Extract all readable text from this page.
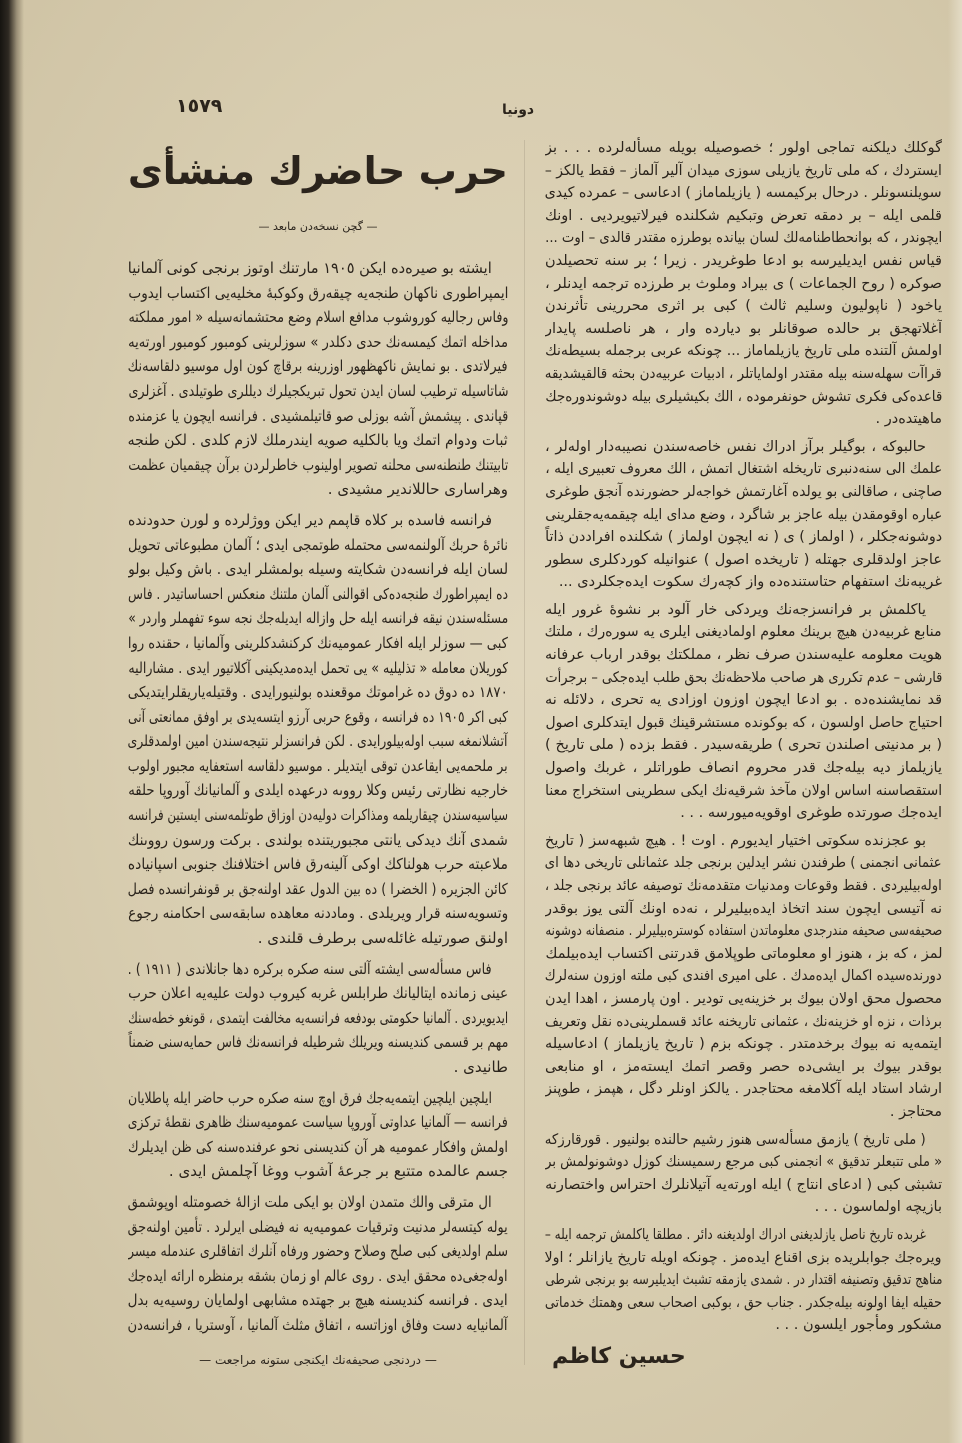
١٥٧٩	دونيا
حرب حاضرك منشأى
— گچن نسخه‌دن مابعد —
ايشته بو صيره‌ده ايكن ١٩٠٥ مارتنك اوتوز برنجى كونى آلمانيا
ايمپراطورى ناكهان طنجه‌يه چيقه‌رق وكوكبهٔ مخليه‌يى اكتساب ايدوب
وفاس رجاليه كوروشوب مدافع اسلام وضع محتشمانه‌سيله « امور مملكته
مداخله اتمك كيمسه‌نك حدى دكلدر » سوزلرينى كومبور كومبور اورته‌يه
فيرلاتدى . بو نمايش ناكهظهور اوزرينه برقاچ كون اول موسيو دلقاسه‌نك
شاتاسيله ترطيب لسان ايدن تحول تبريكجيلرك ديللرى طوتيلدى . آغزلرى
قپاندى . پيشمش آشه بوزلى صو قاتيلمشيدى . فرانسه ايچون يا عزمنده
ثبات ودوام اتمك ويا بالكليه صويه ايندرملك لازم كلدى . لكن طنجه
تابيتنك طنطنه‌سى محلنه تصوير اولينوب خاطرلردن برآن چيقميان عظمت
وهراسارى حاللاندير مشيدى .
فرانسه فاسده بر كلاه قاپمم دير ايكن ووژلرده و لورن حدودنده
نائرهٔ حربك آلولنمه‌سى محتمله طوتمجى ايدى ؛ آلمان مطبوعاتى تحويل
لسان ايله فرانسه‌دن شكايته وسيله بولمشلر ايدى . باش وكيل بولو
ده ايمپراطورك طنجه‌ده‌كى اقوالنى آلمان ملتنك منعكس احساساتيدر . فاس
مسئله‌سندن نيقه فرانسه ايله حل وازاله ايديله‌جك نجه سوء تفهملر واردر »
كبى — سوزلر ايله افكار عموميه‌نك كركنشدكلرينى وآلمانيا ، حقنده روا
كوريلان معامله « تذليليه » يى تحمل ايده‌مديكينى آكلاتيور ايدى . مشاراليه
١٨٧٠ ده دوق ده غراموتك موقعنده بولنيورايدى . وقتيله‌ياريقلرايتديكى
كبى اكر ١٩٠٥ ده فرانسه ، وقوع حربى آرزو ايتسه‌يدى بر اوفق ممانعتى آنى
آتشلانمغه سبب اوله‌بيلورايدى . لكن فرانسزلر نتيجه‌سندن امين اولمدقلرى
بر ملحمه‌يى ايقاعدن توقى ايتديلر . موسيو دلقاسه استعفايه مجبور اولوب
خارجيه نظارتى رئيس وكلا رووىه درعهده ايلدى و آلمانيانك آوروپا حلقه
سياسيه‌سندن چيقاريلمه ومذاكرات دوليه‌دن اوزاق طوتلمه‌سنى ايستين فرانسه
شمدى آنك ديدكى يانتى مجبوريتنده بولندى . بركت ورسون رووىنك
ملاعبته حرب هولناكك اوكى آلينه‌رق فاس اختلافنك جنوبى اسپانياده
كائن الجزيره ( الخضرا ) ده بين الدول عقد اولنه‌جق بر قونفرانسده فصل
وتسويه‌سنه قرار ويريلدى . وماددنه معاهده سابقه‌سى احكامنه رجوع
اولنق صورتيله غائله‌سى برطرف قلندى .
فاس مسأله‌سى ايشته آلتى سنه صكره بركره دها جانلاندى ( ١٩١١ ) .
عينى زمانده ايتاليانك طرابلس غربه كيروب دولت عليه‌يه اعلان حرب
ايديويردى . آلمانيا حكومتى بودفعه فرانسه‌يه مخالفت ايتمدى ، قونغو خطه‌سنك
مهم بر قسمى كنديسنه ويريلك شرطيله فرانسه‌نك فاس حمايه‌سنى ضمناً
طانيدى .
ايلچين ايلچين ايتمه‌يه‌جك فرق اوچ سنه صكره حرب حاضر ايله پاطلايان
فرانسه — آلمانيا عداوتى آوروپا سياست عموميه‌سنك ظاهرى نقطهٔ تركزى
اولمش وافكار عموميه هر آن كنديسنى نحو عرفنده‌سنه كى ظن ايديلرك
جسم عالمده متتبع بر جرعهٔ آشوب ووغا آچلمش ايدى .
ال مترقى والك متمدن اولان بو ايكى ملت ازالهٔ خصومتله اوپوشمق
يوله كيتسه‌لر مدنيت وترقيات عموميه‌يه نه فيضلى ايرلرد . تأمين اولنه‌جق
سلم اولديغى كبى صلح وصلاح وحضور ورفاه آنلرك اتفاقلرى عندمله ميسر
اوله‌جغى‌ده محقق ايدى . روى عالم او زمان بشقه برمنظره ارائه ايده‌جك
ايدى . فرانسه كنديسنه هيچ بر جهتده مشابهى اولمايان روسيه‌يه بدل
آلمانيايه دست وفاق اوزاتسه ، اتفاق مثلث آلمانيا ، آوستريا ، فرانسه‌دن
— دردنجى صحيفه‌نك ايكنجى ستونه مراجعت —
گوكلك ديلكنه تماجى اولور ؛ خصوصيله بويله مسأله‌لرده . . . بز
ايستردك ، كه ملى تاريخ يازيلى سوزى ميدان آلير آلماز – فقط يالكز –
سويلنسونلر . درحال بركيمسه ( يازيلماماز ) ادعاسى – عمرده كيدى
قلمى ايله – بر دمقه تعرض وتبكيم شكلنده فيرلاتيويرديى . اونك
ايچوندر ، كه بوانحطاطنامه‌لك لسان بيانده بوطرزه مقتدر قالدى – اوت ...
قياس نفس ايديليرسه بو ادعا طوغريدر . زيرا ؛ بر سنه تحصيلدن
صوكره ( روح الجماعات ) ى بيراد وملوث بر طرزده ترجمه ايدنلر ،
ياخود ( ناپوليون وسليم ثالث ) كبى بر اثرى محررينى تأثرندن
آغلاتهجق بر حالده صوقانلر بو ديارده وار ، هر ناصلسه پايدار
اولمش آلتنده ملى تاريخ يازيلماماز ... چونكه عربى برجمله بسيطه‌نك
قراآت سهله‌سنه بيله مقتدر اولماياتلر ، ادبيات عربيه‌دن بحثه قالقيشديقه
قاعده‌كى فكرى تشوش حونفرموده ، الك بكيشيلرى بيله دوشوندوره‌جك
ماهيتده‌در .
حالبوكه ، بوگيلر برآز ادراك نفس خاصه‌سندن نصيبه‌دار اوله‌لر ،
علمك الى سنه‌دنبرى تاريخله اشتغال اتمش ، الك معروف تعبيرى ايله ،
صاچنى ، صاقالنى بو يولده آغارتمش خواجه‌لر حضورنده آنجق طوغرى
عباره اوقومقدن بيله عاجز بر شاگرد ، وضع مداى ايله چيقمه‌يه‌جقلرينى
دوشونه‌جكلر ، ( اولماز ) ى ( نه ايچون اولماز ) شكلنده افراددن ذاتاً
عاجز اولدقلرى جهتله ( تاريخده اصول ) عنوانيله كوردكلرى سطور
غريبه‌نك استفهام حتاستنده‌ده واز كچه‌رك سكوت ايده‌جكلردى ...
ياكلمش بر فرانسزجه‌نك ويردكى خار آلود بر نشوهٔ غرور ايله
منابع غربيه‌دن هيچ برينك معلوم اولماديغنى ايلرى يه سوره‌رك ، ملتك
هويت معلومه عليه‌سندن صرف نظر ، مملكتك بوقدر ارباب عرفانه
قارشى – عدم تكررى هر صاحب ملاحظه‌نك بحق طلب ايده‌جكى – برجرأت
قد نمايشنده‌ده . بو ادعا ايچون اوزون اوزادى يه تحرى ، دلائله نه
احتياج حاصل اولسون ، كه بوكونده مستشرقينك قبول ايتدكلرى اصول
( بر مدنيتى اصلندن تحرى ) طريقه‌سيدر . فقط بزده ( ملى تاريخ )
يازيلماز ديه بيله‌جك قدر محروم انصاف طوراتلر ، غربك واصول
استقصاسنه اساس اولان مآخذ شرقيه‌نك ايكى سطرينى استخراج معنا
ايده‌جك صورتده طوغرى اوقويه‌ميورسه . . .
بو عجزنده سكوتى اختيار ايديورم . اوت ! . هيچ شبهه‌سز ( تاريخ
عثمانى انجمنى ) طرفندن نشر ايدلين برنجى جلد عثمانلى تاريخى دها اى
اوله‌بيليردى . فقط وقوعات ومدنيات متقدمه‌نك توصيفه عائد برنجى جلد ،
نه آتيسى ايچون سند اتخاذ ايده‌بيليرلر ، نه‌ده اونك آلتى يوز بوقدر
صحيفه‌سى صحيفه مندرجدى معلوماتدن استفاده كوستره‌بيليرلر . منصفانه دوشونه‌
لمز ، كه بز ، هنوز او معلوماتى طوپلامق قدرتنى اكتساب ايده‌بيلمك
دورنده‌سيده اكمال ايده‌مدك . على اميرى افندى كبى ملته اوزون سنه‌لرك
محصول محق اولان بيوك بر خزينه‌يى تودير . اون پارمسز ، اهدا ايدن
برذات ، نزه او خزينه‌نك ، عثمانى تاريخنه عائد قسملرينى‌ده نقل وتعريف
ايتمه‌يه نه بيوك برخدمتدر . چونكه بزم ( تاريخ يازيلماز ) ادعاسيله
بوقدر بيوك بر ايشى‌ده حصر وقصر اتمك ايسته‌مز ، او منابعى
ارشاد استاد ايله آكلامغه محتاجدر . يالكز اونلر دگل ، هپمز ، طوپنز
محتاجز .
( ملى تاريخ ) يازمق مسأله‌سى هنوز رشيم حالنده بولنيور . قورقارزكه
« ملى تتبعلر تدقيق » انجمنى كبى مرجع رسميسنك كوزل دوشونولمش بر
تشبثى كبى ( ادعاى انتاج ) ايله اورته‌يه آتيلانلرك احتراس واختصارنه
بازيچه اولماسون . . .
غربده تاريخ ناصل يازلديغنى ادراك اولديغنه دائر . مطلقا ياكلمش ترجمه ايله –
ويره‌جك جوابلريده بزى اقناع ايده‌مز . چونكه اويله تاريخ يازانلر ؛ اولا
مناهج تدقيق وتصنيفه اقتدار در . شمدى يازمقه تشبث ايديليرسه بو برنجى شرطى
حقيله ايفا اولونه بيله‌جكدر . جناب حق ، بوكبى اصحاب سعى وهمتك خدماتى
مشكور ومأجور ايلسون . . .
حسين كاظم
